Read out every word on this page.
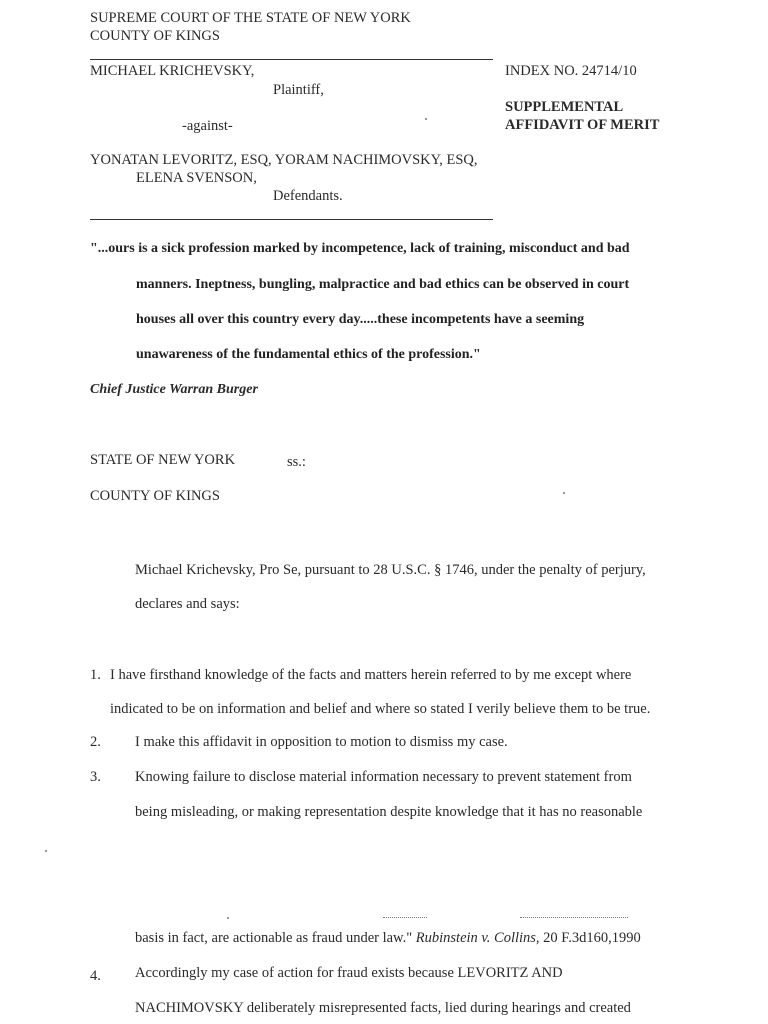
SUPREME COURT OF THE STATE OF NEW YORK
COUNTY OF KINGS
MICHAEL KRICHEVSKY,
Plaintiff,
-against-
INDEX NO. 24714/10
SUPPLEMENTAL
AFFIDAVIT OF MERIT
YONATAN LEVORITZ, ESQ, YORAM NACHIMOVSKY, ESQ,
ELENA SVENSON,
Defendants.
"...ours is a sick profession marked by incompetence, lack of training, misconduct and bad
manners. Ineptness, bungling, malpractice and bad ethics can be observed in court
houses all over this country every day.....these incompetents have a seeming
unawareness of the fundamental ethics of the profession."
Chief Justice Warran Burger
STATE OF NEW YORK	ss.:
COUNTY OF KINGS
Michael Krichevsky, Pro Se, pursuant to 28 U.S.C. § 1746, under the penalty of perjury,
declares and says:
1. I have firsthand knowledge of the facts and matters herein referred to by me except where
indicated to be on information and belief and where so stated I verily believe them to be true.
2. I make this affidavit in opposition to motion to dismiss my case.
3. Knowing failure to disclose material information necessary to prevent statement from
being misleading, or making representation despite knowledge that it has no reasonable
basis in fact, are actionable as fraud under law." Rubinstein v. Collins, 20 F.3d160,1990
4. Accordingly my case of action for fraud exists because LEVORITZ AND
NACHIMOVSKY deliberately misrepresented facts, lied during hearings and created
